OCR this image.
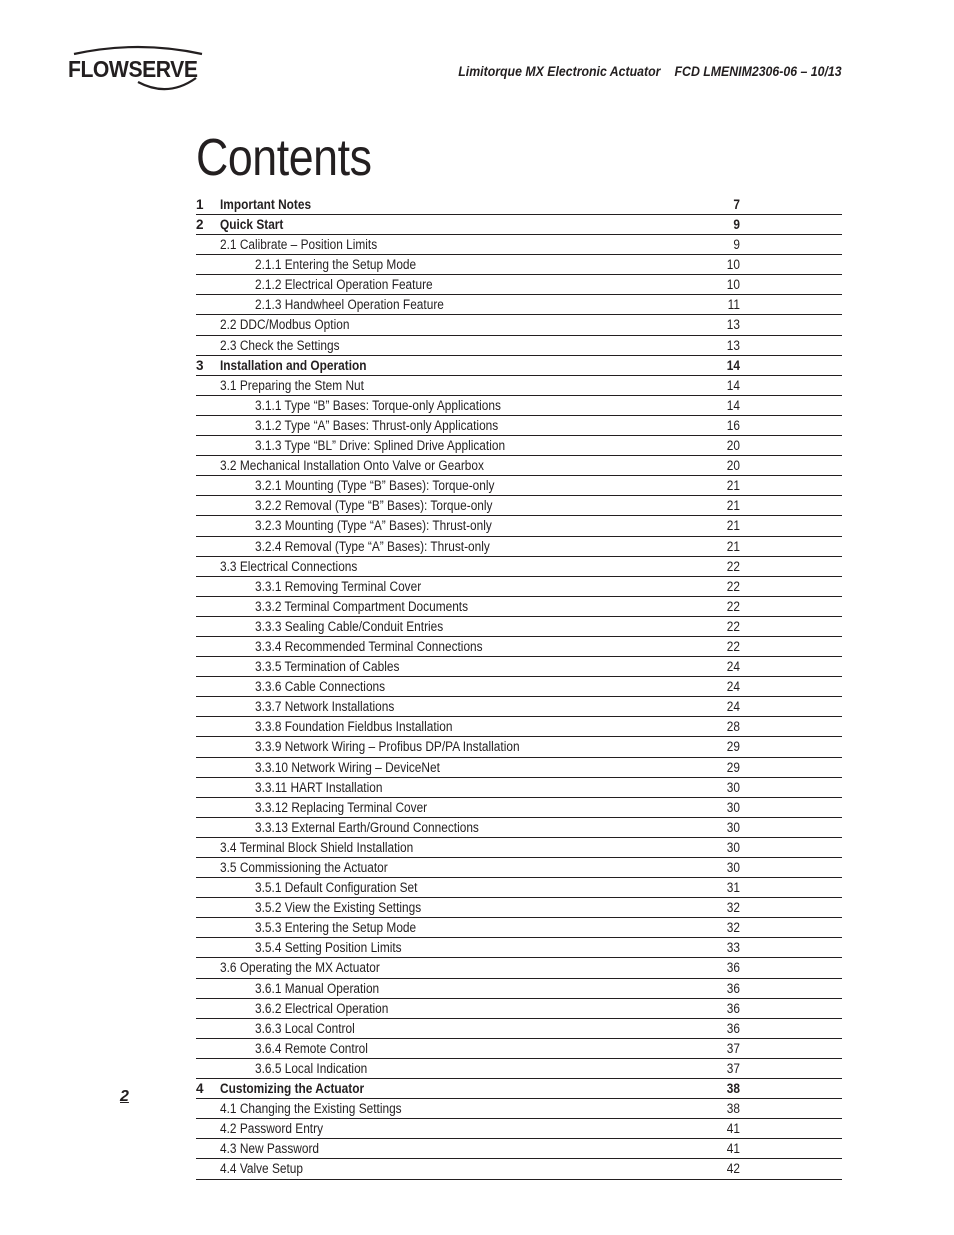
FLOWSERVE	Limitorque MX Electronic Actuator FCD LMENIM2306-06 – 10/13
Contents
1 Important Notes	7
2 Quick Start	9
2.1 Calibrate – Position Limits	9
2.1.1 Entering the Setup Mode	10
2.1.2 Electrical Operation Feature	10
2.1.3 Handwheel Operation Feature	11
2.2 DDC/Modbus Option	13
2.3 Check the Settings	13
3 Installation and Operation	14
3.1 Preparing the Stem Nut	14
3.1.1 Type “B” Bases: Torque-only Applications	14
3.1.2 Type “A” Bases: Thrust-only Applications	16
3.1.3 Type “BL” Drive: Splined Drive Application	20
3.2 Mechanical Installation Onto Valve or Gearbox	20
3.2.1 Mounting (Type “B” Bases): Torque-only	21
3.2.2 Removal (Type “B” Bases): Torque-only	21
3.2.3 Mounting (Type “A” Bases): Thrust-only	21
3.2.4 Removal (Type “A” Bases): Thrust-only	21
3.3 Electrical Connections	22
3.3.1 Removing Terminal Cover	22
3.3.2 Terminal Compartment Documents	22
3.3.3 Sealing Cable/Conduit Entries	22
3.3.4 Recommended Terminal Connections	22
3.3.5 Termination of Cables	24
3.3.6 Cable Connections	24
3.3.7 Network Installations	24
3.3.8 Foundation Fieldbus Installation	28
3.3.9 Network Wiring – Profibus DP/PA Installation	29
3.3.10 Network Wiring – DeviceNet	29
3.3.11 HART Installation	30
3.3.12 Replacing Terminal Cover	30
3.3.13 External Earth/Ground Connections	30
3.4 Terminal Block Shield Installation	30
3.5 Commissioning the Actuator	30
3.5.1 Default Configuration Set	31
3.5.2 View the Existing Settings	32
3.5.3 Entering the Setup Mode	32
3.5.4 Setting Position Limits	33
3.6 Operating the MX Actuator	36
3.6.1 Manual Operation	36
3.6.2 Electrical Operation	36
3.6.3 Local Control	36
3.6.4 Remote Control	37
3.6.5 Local Indication	37
4 Customizing the Actuator	38
4.1 Changing the Existing Settings	38
4.2 Password Entry	41
4.3 New Password	41
4.4 Valve Setup	42
2
